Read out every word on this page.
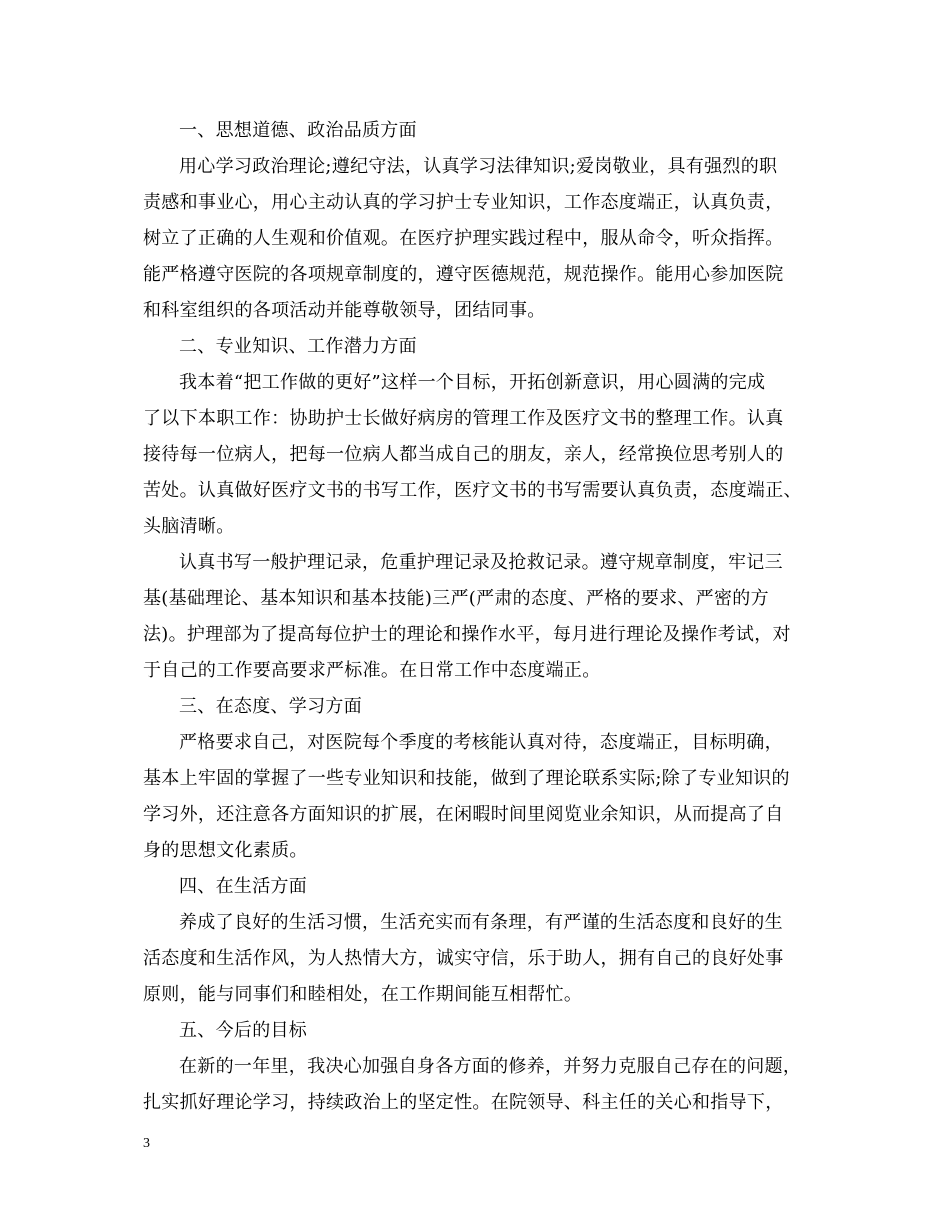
一、思想道德、政治品质方面

用心学习政治理论;遵纪守法，认真学习法律知识;爱岗敬业，具有强烈的职
责感和事业心，用心主动认真的学习护士专业知识，工作态度端正，认真负责，
树立了正确的人生观和价值观。在医疗护理实践过程中，服从命令，听众指挥。
能严格遵守医院的各项规章制度的，遵守医德规范，规范操作。能用心参加医院
和科室组织的各项活动并能尊敬领导，团结同事。

二、专业知识、工作潜力方面

我本着“把工作做的更好”这样一个目标，开拓创新意识，用心圆满的完成
了以下本职工作：协助护士长做好病房的管理工作及医疗文书的整理工作。认真
接待每一位病人，把每一位病人都当成自己的朋友，亲人，经常换位思考别人的
苦处。认真做好医疗文书的书写工作，医疗文书的书写需要认真负责，态度端正、
头脑清晰。

认真书写一般护理记录，危重护理记录及抢救记录。遵守规章制度，牢记三
基(基础理论、基本知识和基本技能)三严(严肃的态度、严格的要求、严密的方
法)。护理部为了提高每位护士的理论和操作水平，每月进行理论及操作考试，对
于自己的工作要高要求严标准。在日常工作中态度端正。

三、在态度、学习方面

严格要求自己，对医院每个季度的考核能认真对待，态度端正，目标明确，
基本上牢固的掌握了一些专业知识和技能，做到了理论联系实际;除了专业知识的
学习外，还注意各方面知识的扩展，在闲暇时间里阅览业余知识，从而提高了自
身的思想文化素质。

四、在生活方面

养成了良好的生活习惯，生活充实而有条理，有严谨的生活态度和良好的生
活态度和生活作风，为人热情大方，诚实守信，乐于助人，拥有自己的良好处事
原则，能与同事们和睦相处，在工作期间能互相帮忙。

五、今后的目标

在新的一年里，我决心加强自身各方面的修养，并努力克服自己存在的问题，
扎实抓好理论学习，持续政治上的坚定性。在院领导、科主任的关心和指导下，

3
